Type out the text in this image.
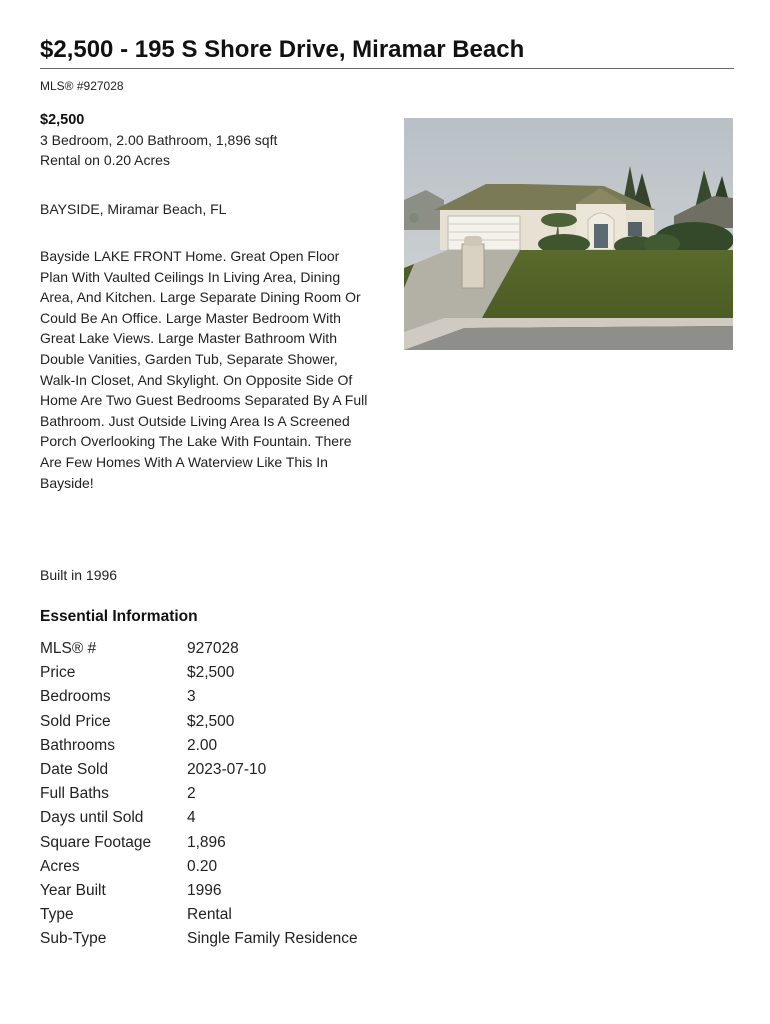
$2,500 - 195 S Shore Drive, Miramar Beach
MLS® #927028
$2,500
3 Bedroom, 2.00 Bathroom, 1,896 sqft
Rental on 0.20 Acres
BAYSIDE, Miramar Beach, FL
Bayside LAKE FRONT Home. Great Open Floor Plan With Vaulted Ceilings In Living Area, Dining Area, And Kitchen. Large Separate Dining Room Or Could Be An Office. Large Master Bedroom With Great Lake Views. Large Master Bathroom With Double Vanities, Garden Tub, Separate Shower, Walk-In Closet, And Skylight. On Opposite Side Of Home Are Two Guest Bedrooms Separated By A Full Bathroom. Just Outside Living Area Is A Screened Porch Overlooking The Lake With Fountain. There Are Few Homes With A Waterview Like This In Bayside!
Built in 1996
Essential Information
MLS® #	927028
Price	$2,500
Bedrooms	3
Sold Price	$2,500
Bathrooms	2.00
Date Sold	2023-07-10
Full Baths	2
Days until Sold	4
Square Footage	1,896
Acres	0.20
Year Built	1996
Type	Rental
Sub-Type	Single Family Residence
